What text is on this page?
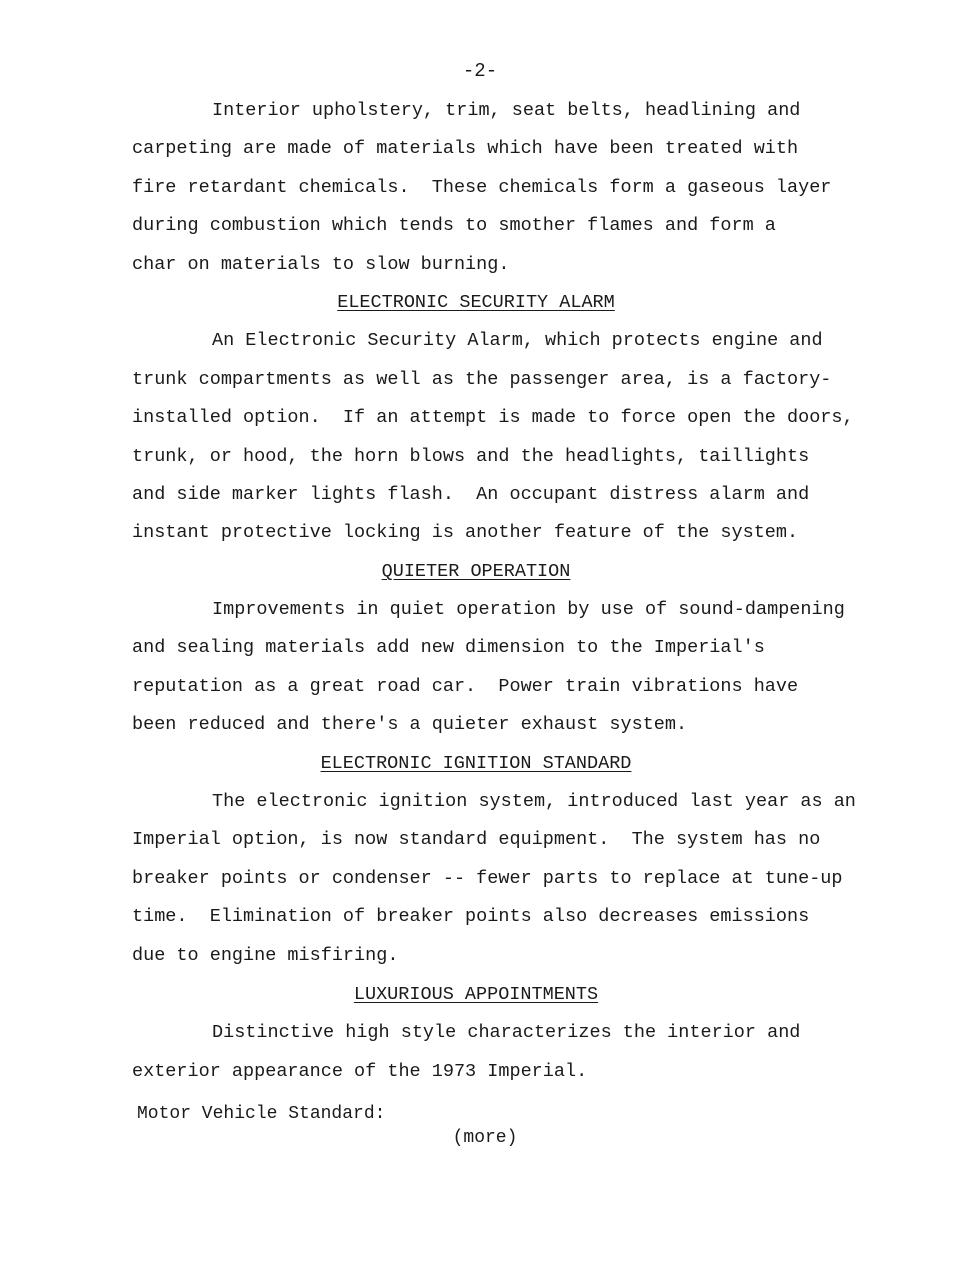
-2-
Interior upholstery, trim, seat belts, headlining and
carpeting are made of materials which have been treated with
fire retardant chemicals.  These chemicals form a gaseous layer
during combustion which tends to smother flames and form a
char on materials to slow burning.
ELECTRONIC SECURITY ALARM
An Electronic Security Alarm, which protects engine and
trunk compartments as well as the passenger area, is a factory-
installed option.  If an attempt is made to force open the doors,
trunk, or hood, the horn blows and the headlights, taillights
and side marker lights flash.  An occupant distress alarm and
instant protective locking is another feature of the system.
QUIETER OPERATION
Improvements in quiet operation by use of sound-dampening
and sealing materials add new dimension to the Imperial's
reputation as a great road car.  Power train vibrations have
been reduced and there's a quieter exhaust system.
ELECTRONIC IGNITION STANDARD
The electronic ignition system, introduced last year as an
Imperial option, is now standard equipment.  The system has no
breaker points or condenser -- fewer parts to replace at tune-up
time.  Elimination of breaker points also decreases emissions
due to engine misfiring.
LUXURIOUS APPOINTMENTS
Distinctive high style characterizes the interior and
exterior appearance of the 1973 Imperial.
Motor Vehicle Standard:
(more)
